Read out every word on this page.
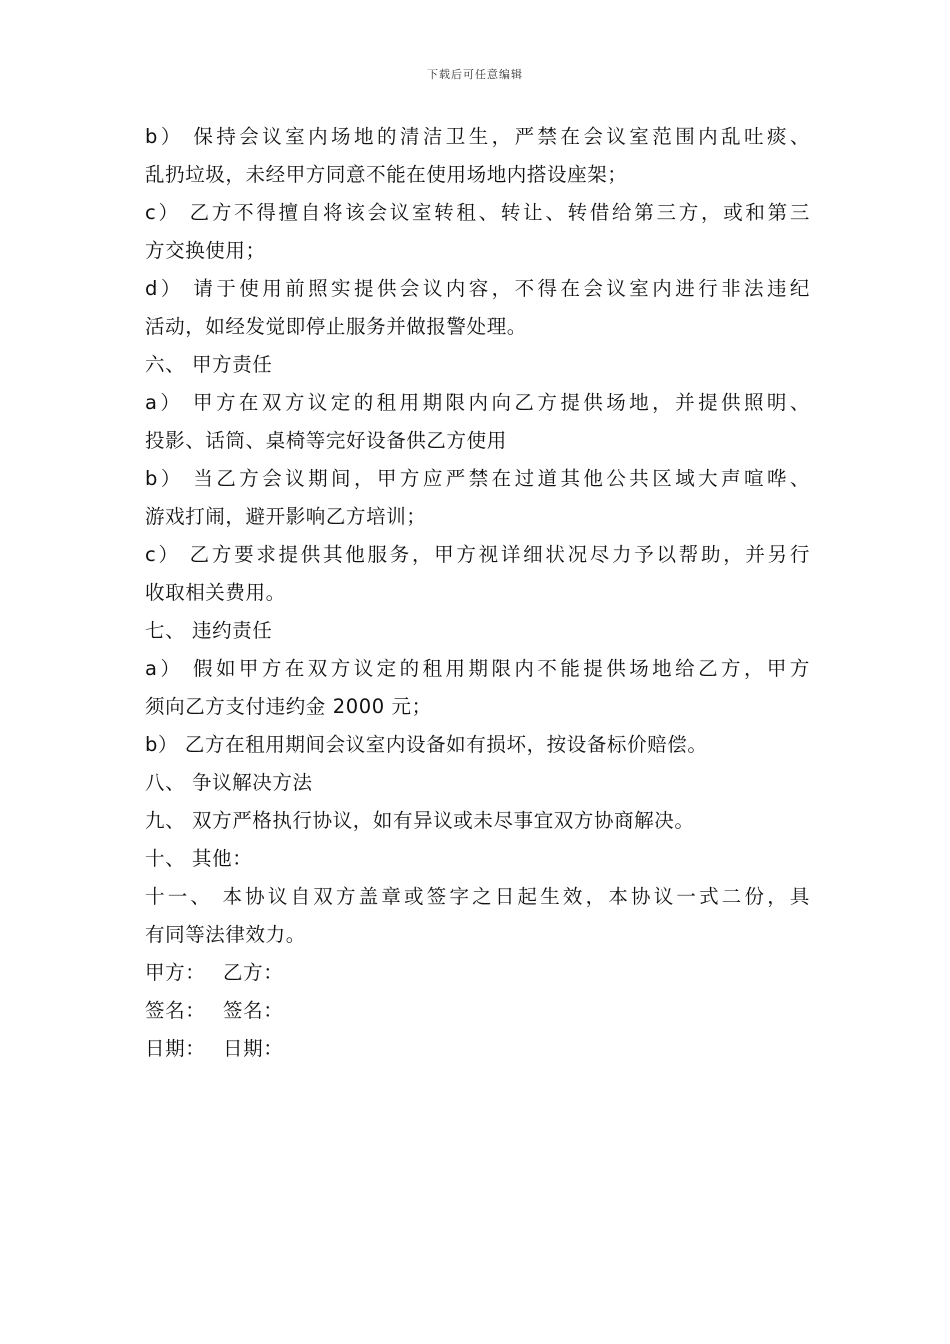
下载后可任意编辑
b） 保持会议室内场地的清洁卫生，严禁在会议室范围内乱吐痰、
乱扔垃圾，未经甲方同意不能在使用场地内搭设座架；
c） 乙方不得擅自将该会议室转租、转让、转借给第三方，或和第三
方交换使用；
d） 请于使用前照实提供会议内容，不得在会议室内进行非法违纪
活动，如经发觉即停止服务并做报警处理。
六、 甲方责任
a） 甲方在双方议定的租用期限内向乙方提供场地，并提供照明、
投影、话筒、桌椅等完好设备供乙方使用
b） 当乙方会议期间，甲方应严禁在过道其他公共区域大声喧哗、
游戏打闹，避开影响乙方培训；
c） 乙方要求提供其他服务，甲方视详细状况尽力予以帮助，并另行
收取相关费用。
七、 违约责任
a） 假如甲方在双方议定的租用期限内不能提供场地给乙方，甲方
须向乙方支付违约金 2000 元；
b） 乙方在租用期间会议室内设备如有损坏，按设备标价赔偿。
八、 争议解决方法
九、 双方严格执行协议，如有异议或未尽事宜双方协商解决。
十、 其他：
十一、 本协议自双方盖章或签字之日起生效，本协议一式二份，具
有同等法律效力。
甲方： 乙方：
签名： 签名：
日期： 日期：
